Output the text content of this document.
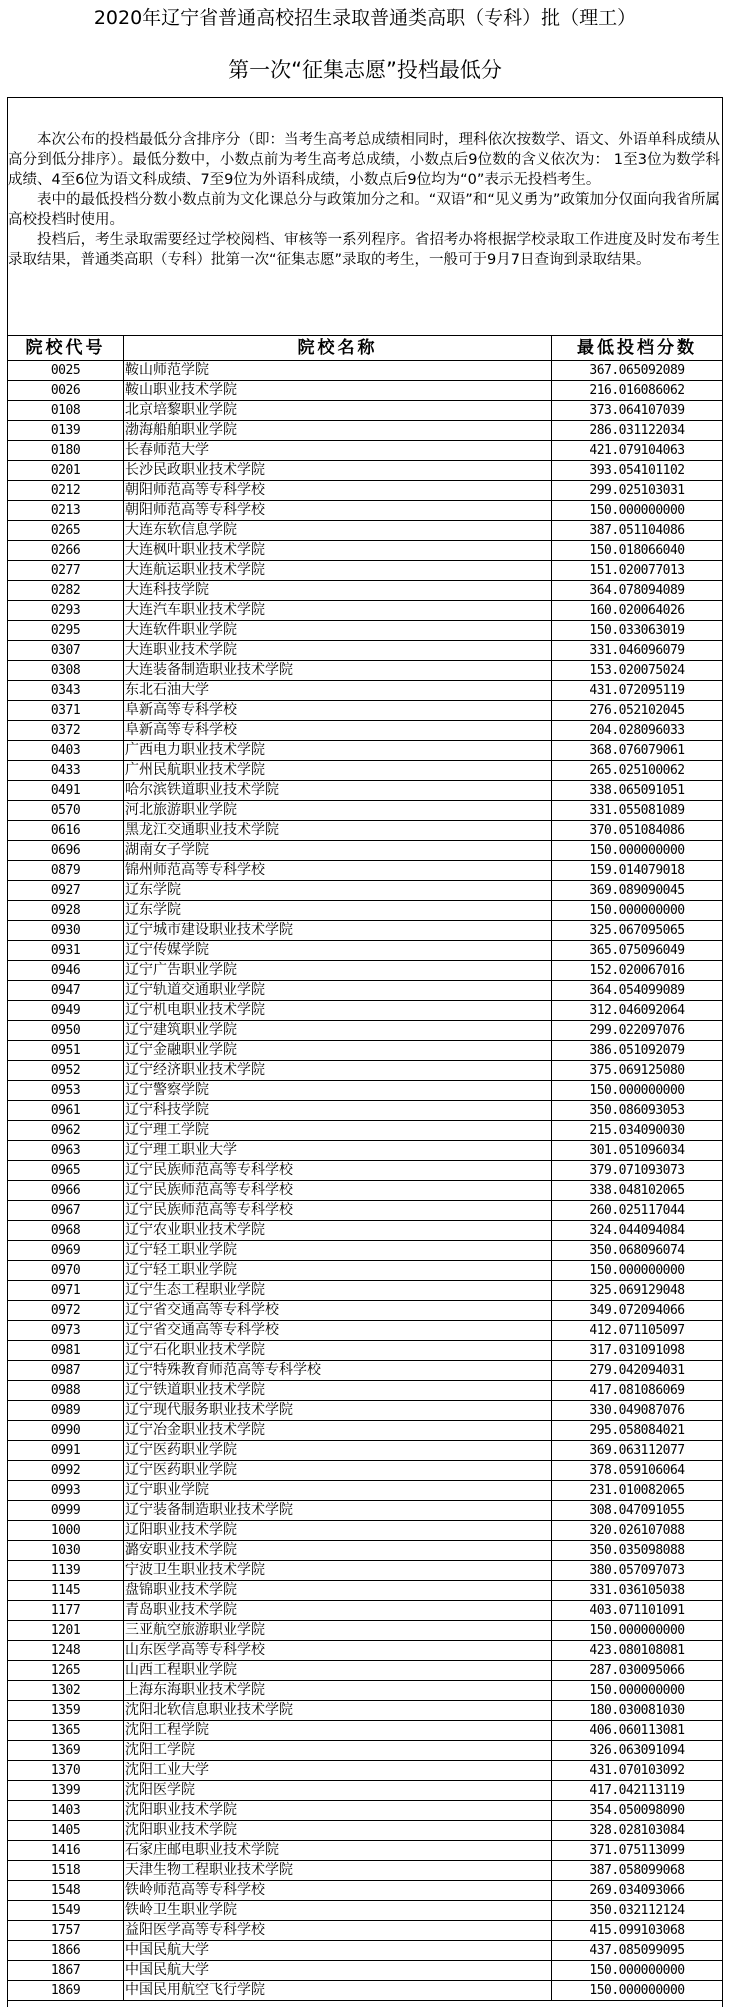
2020年辽宁省普通高校招生录取普通类高职（专科）批（理工）
第一次“征集志愿”投档最低分

本次公布的投档最低分含排序分（即：当考生高考总成绩相同时，理科依次按数学、语文、外语单科成绩从高分到低分排序）。最低分数中，小数点前为考生高考总成绩，小数点后9位数的含义依次为： 1至3位为数学科成绩、4至6位为语文科成绩、7至9位为外语科成绩，小数点后9位均为“0”表示无投档考生。

表中的最低投档分数小数点前为文化课总分与政策加分之和。“双语”和“见义勇为”政策加分仅面向我省所属高校投档时使用。

投档后，考生录取需要经过学校阅档、审核等一系列程序。省招考办将根据学校录取工作进度及时发布考生录取结果，普通类高职（专科）批第一次“征集志愿”录取的考生，一般可于9月7日查询到录取结果。

院校代号	院校名称	最低投档分数
0025	鞍山师范学院	367.065092089
0026	鞍山职业技术学院	216.016086062
0108	北京培黎职业学院	373.064107039
0139	渤海船舶职业学院	286.031122034
0180	长春师范大学	421.079104063
0201	长沙民政职业技术学院	393.054101102
0212	朝阳师范高等专科学校	299.025103031
0213	朝阳师范高等专科学校	150.000000000
0265	大连东软信息学院	387.051104086
0266	大连枫叶职业技术学院	150.018066040
0277	大连航运职业技术学院	151.020077013
0282	大连科技学院	364.078094089
0293	大连汽车职业技术学院	160.020064026
0295	大连软件职业学院	150.033063019
0307	大连职业技术学院	331.046096079
0308	大连装备制造职业技术学院	153.020075024
0343	东北石油大学	431.072095119
0371	阜新高等专科学校	276.052102045
0372	阜新高等专科学校	204.028096033
0403	广西电力职业技术学院	368.076079061
0433	广州民航职业技术学院	265.025100062
0491	哈尔滨铁道职业技术学院	338.065091051
0570	河北旅游职业学院	331.055081089
0616	黑龙江交通职业技术学院	370.051084086
0696	湖南女子学院	150.000000000
0879	锦州师范高等专科学校	159.014079018
0927	辽东学院	369.089090045
0928	辽东学院	150.000000000
0930	辽宁城市建设职业技术学院	325.067095065
0931	辽宁传媒学院	365.075096049
0946	辽宁广告职业学院	152.020067016
0947	辽宁轨道交通职业学院	364.054099089
0949	辽宁机电职业技术学院	312.046092064
0950	辽宁建筑职业学院	299.022097076
0951	辽宁金融职业学院	386.051092079
0952	辽宁经济职业技术学院	375.069125080
0953	辽宁警察学院	150.000000000
0961	辽宁科技学院	350.086093053
0962	辽宁理工学院	215.034090030
0963	辽宁理工职业大学	301.051096034
0965	辽宁民族师范高等专科学校	379.071093073
0966	辽宁民族师范高等专科学校	338.048102065
0967	辽宁民族师范高等专科学校	260.025117044
0968	辽宁农业职业技术学院	324.044094084
0969	辽宁轻工职业学院	350.068096074
0970	辽宁轻工职业学院	150.000000000
0971	辽宁生态工程职业学院	325.069129048
0972	辽宁省交通高等专科学校	349.072094066
0973	辽宁省交通高等专科学校	412.071105097
0981	辽宁石化职业技术学院	317.031091098
0987	辽宁特殊教育师范高等专科学校	279.042094031
0988	辽宁铁道职业技术学院	417.081086069
0989	辽宁现代服务职业技术学院	330.049087076
0990	辽宁冶金职业技术学院	295.058084021
0991	辽宁医药职业学院	369.063112077
0992	辽宁医药职业学院	378.059106064
0993	辽宁职业学院	231.010082065
0999	辽宁装备制造职业技术学院	308.047091055
1000	辽阳职业技术学院	320.026107088
1030	潞安职业技术学院	350.035098088
1139	宁波卫生职业技术学院	380.057097073
1145	盘锦职业技术学院	331.036105038
1177	青岛职业技术学院	403.071101091
1201	三亚航空旅游职业学院	150.000000000
1248	山东医学高等专科学校	423.080108081
1265	山西工程职业学院	287.030095066
1302	上海东海职业技术学院	150.000000000
1359	沈阳北软信息职业技术学院	180.030081030
1365	沈阳工程学院	406.060113081
1369	沈阳工学院	326.063091094
1370	沈阳工业大学	431.070103092
1399	沈阳医学院	417.042113119
1403	沈阳职业技术学院	354.050098090
1405	沈阳职业技术学院	328.028103084
1416	石家庄邮电职业技术学院	371.075113099
1518	天津生物工程职业技术学院	387.058099068
1548	铁岭师范高等专科学校	269.034093066
1549	铁岭卫生职业学院	350.032112124
1757	益阳医学高等专科学校	415.099103068
1866	中国民航大学	437.085099095
1867	中国民航大学	150.000000000
1869	中国民用航空飞行学院	150.000000000
